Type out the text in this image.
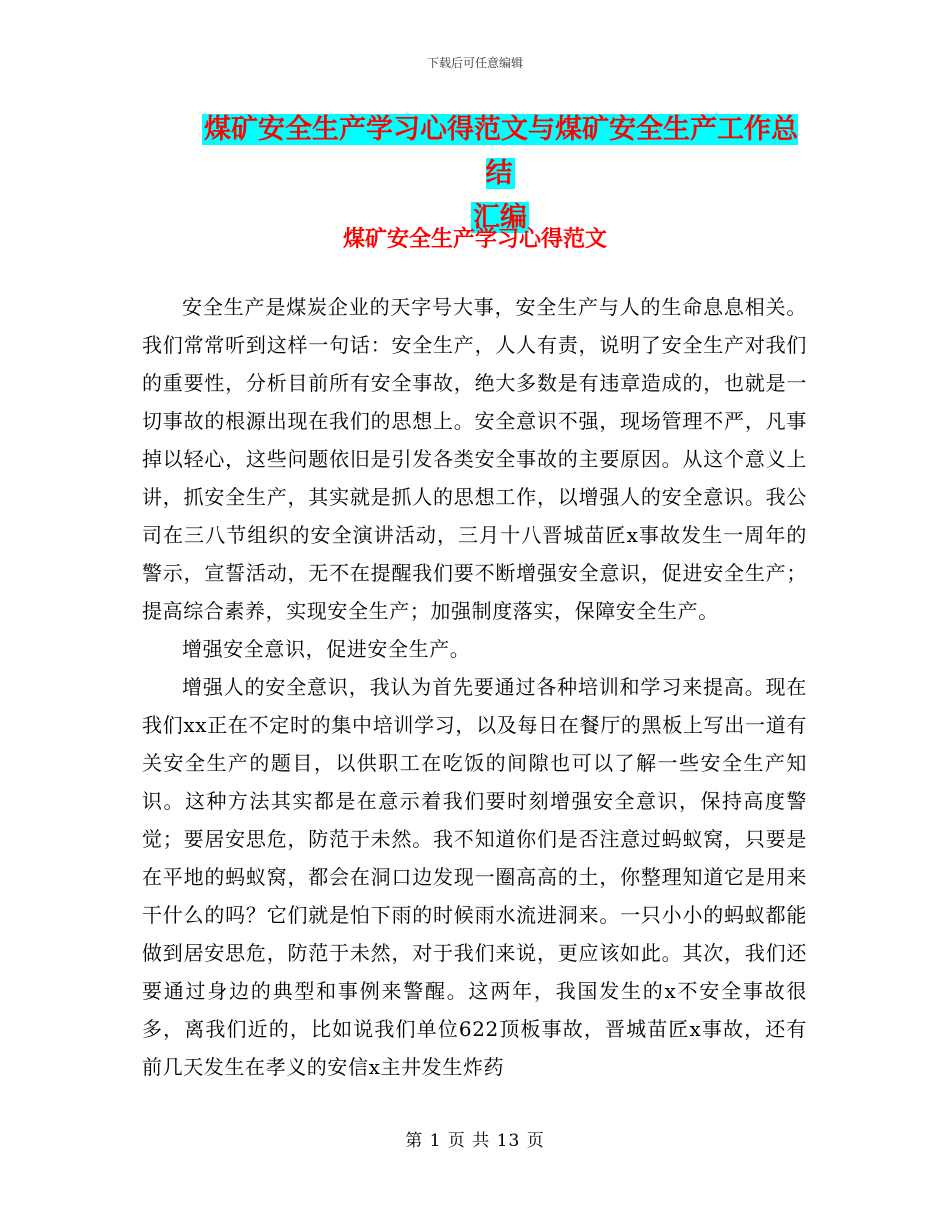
下载后可任意编辑
煤矿安全生产学习心得范文与煤矿安全生产工作总结
汇编
煤矿安全生产学习心得范文

安全生产是煤炭企业的天字号大事，安全生产与人的生命息息相关。我们常常听到这样一句话：安全生产，人人有责，说明了安全生产对我们的重要性，分析目前所有安全事故，绝大多数是有违章造成的，也就是一切事故的根源出现在我们的思想上。安全意识不强，现场管理不严，凡事掉以轻心，这些问题依旧是引发各类安全事故的主要原因。从这个意义上讲，抓安全生产，其实就是抓人的思想工作，以增强人的安全意识。我公司在三八节组织的安全演讲活动，三月十八晋城苗匠x事故发生一周年的警示，宣誓活动，无不在提醒我们要不断增强安全意识，促进安全生产；提高综合素养，实现安全生产；加强制度落实，保障安全生产。

增强安全意识，促进安全生产。

增强人的安全意识，我认为首先要通过各种培训和学习来提高。现在我们xx正在不定时的集中培训学习，以及每日在餐厅的黑板上写出一道有关安全生产的题目，以供职工在吃饭的间隙也可以了解一些安全生产知识。这种方法其实都是在意示着我们要时刻增强安全意识，保持高度警觉；要居安思危，防范于未然。我不知道你们是否注意过蚂蚁窝，只要是在平地的蚂蚁窝，都会在洞口边发现一圈高高的土，你整理知道它是用来干什么的吗？它们就是怕下雨的时候雨水流进洞来。一只小小的蚂蚁都能做到居安思危，防范于未然，对于我们来说，更应该如此。其次，我们还要通过身边的典型和事例来警醒。这两年，我国发生的x不安全事故很多，离我们近的，比如说我们单位622顶板事故，晋城苗匠x事故，还有前几天发生在孝义的安信x主井发生炸药

第 1 页 共 13 页
